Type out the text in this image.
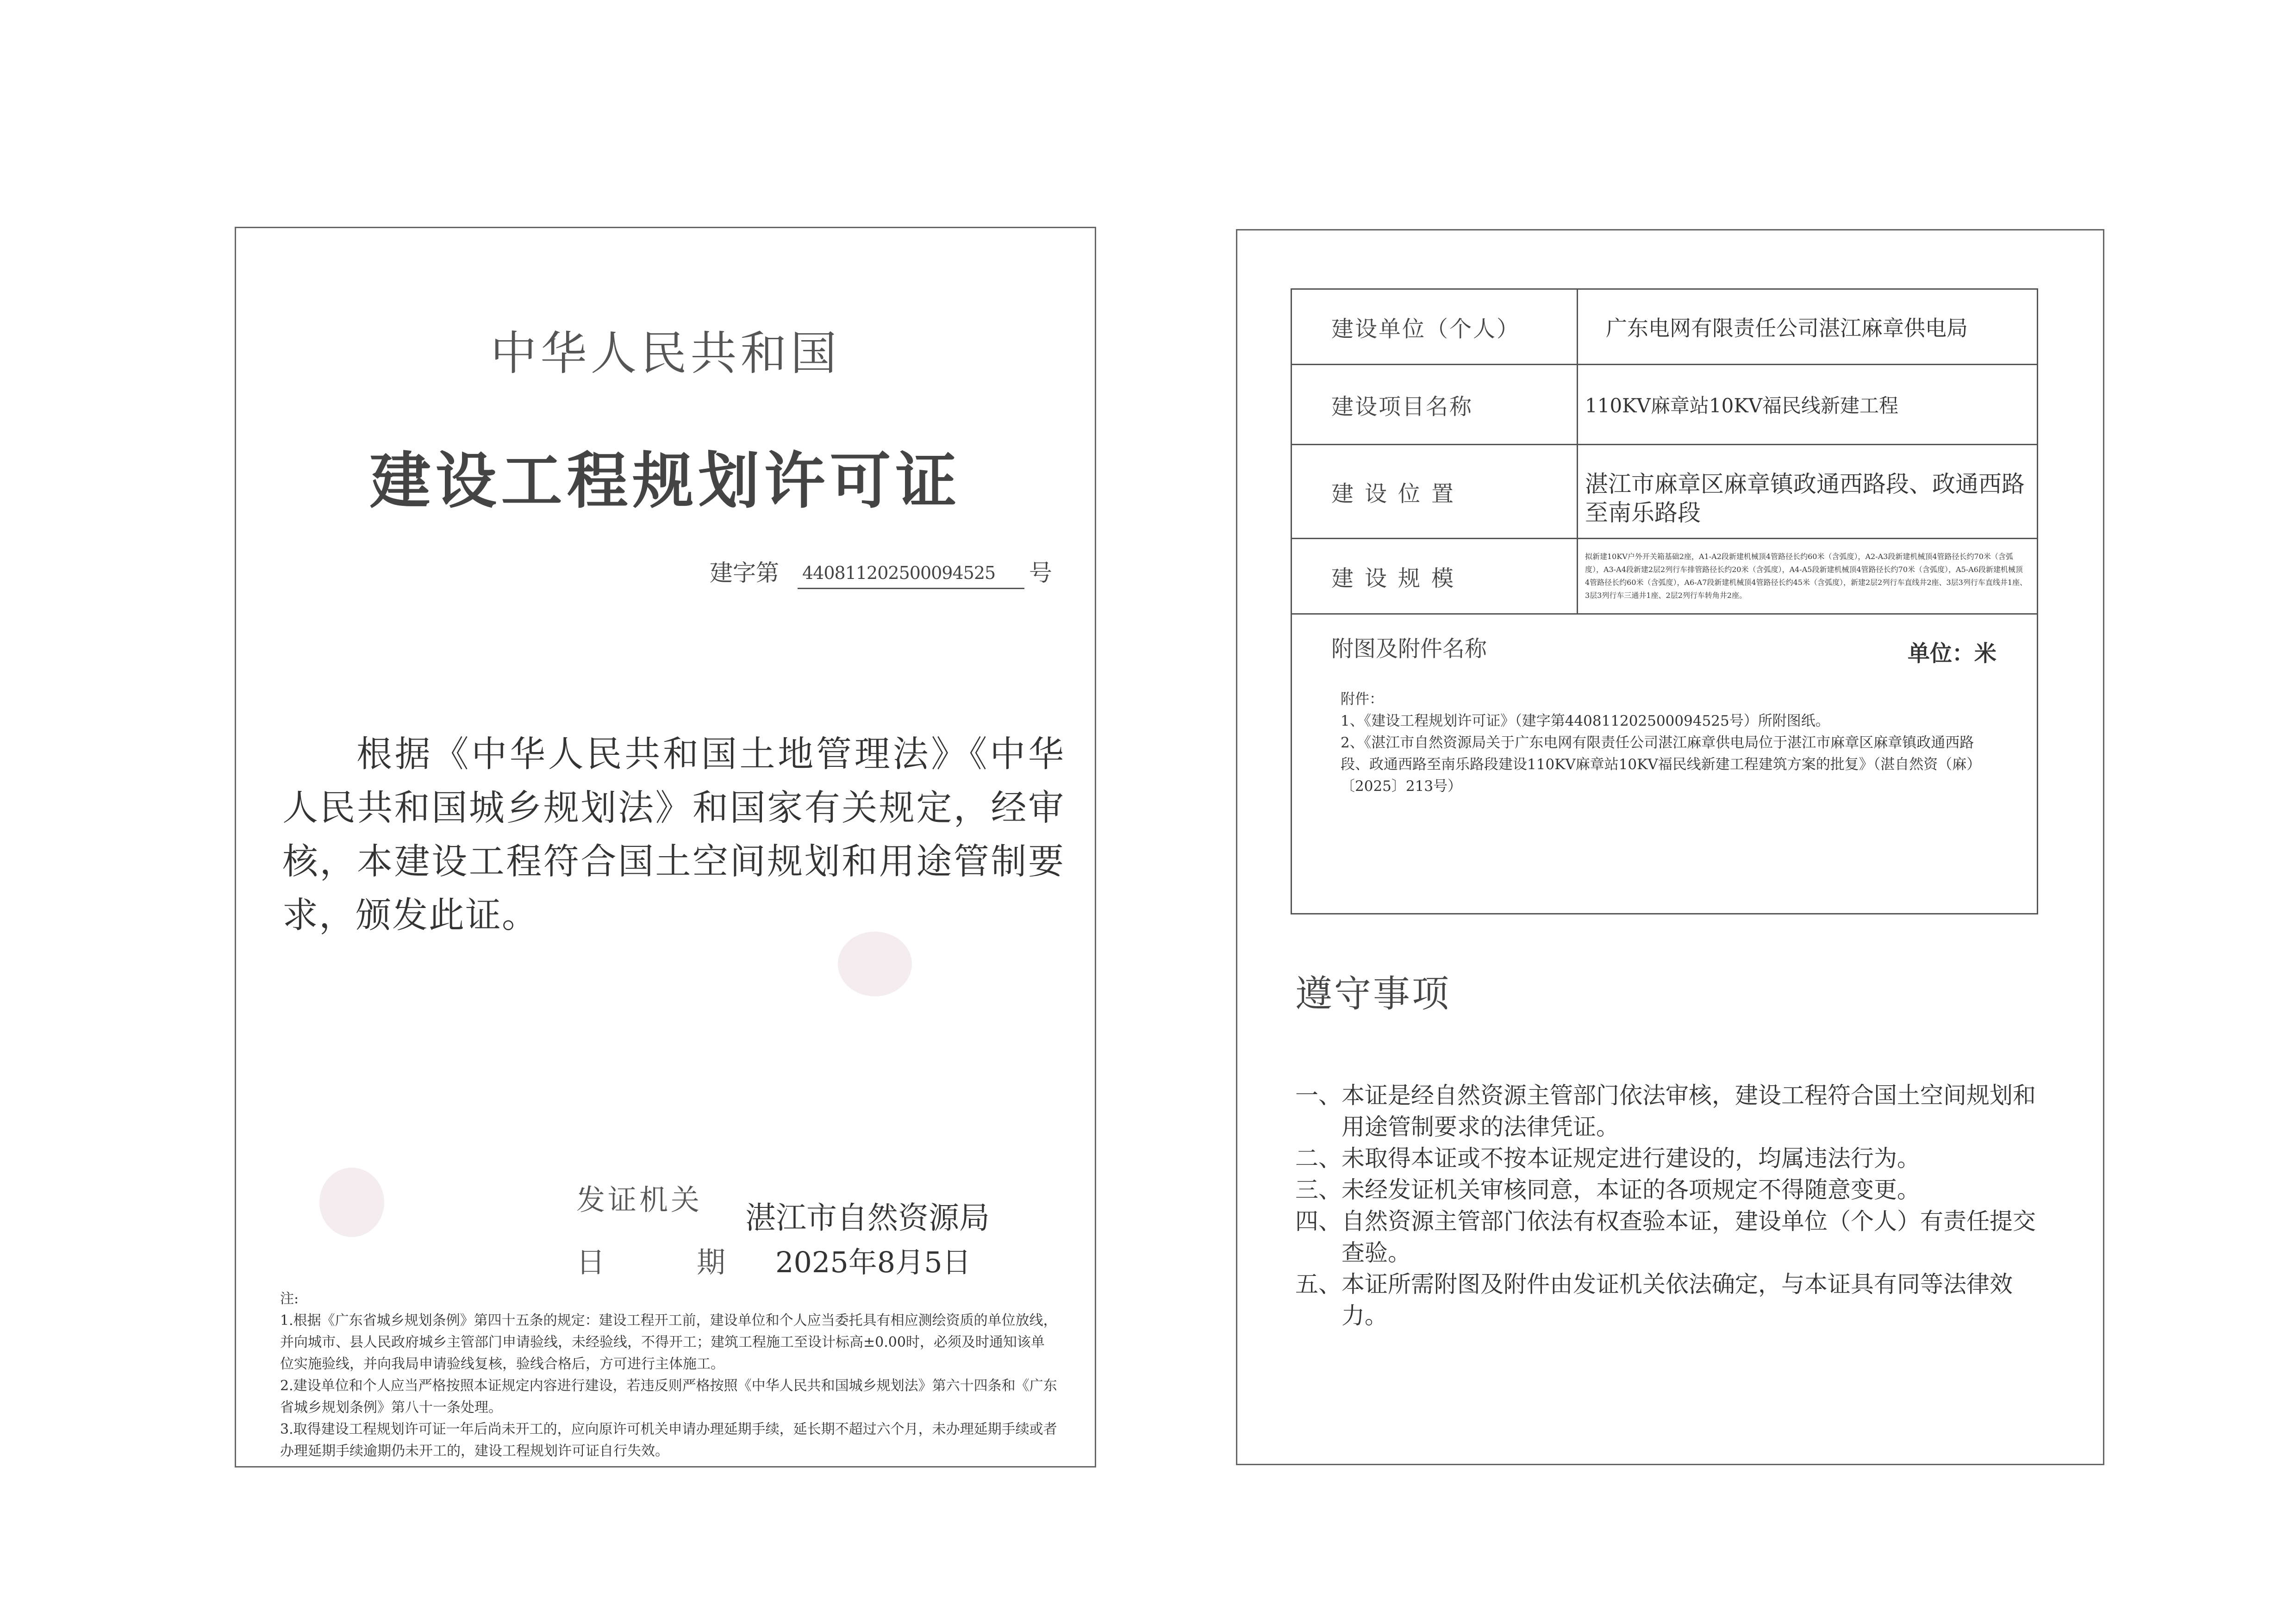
中华人民共和国
建设工程规划许可证
建字第 440811202500094525 号
根据《中华人民共和国土地管理法》《中华人民共和国城乡规划法》和国家有关规定，经审核，本建设工程符合国土空间规划和用途管制要求，颁发此证。
发证机关
湛江市自然资源局
日	期	2025年8月5日
注:
1.根据《广东省城乡规划条例》第四十五条的规定：建设工程开工前，建设单位和个人应当委托具有相应测绘资质的单位放线，并向城市、县人民政府城乡主管部门申请验线，未经验线，不得开工；建筑工程施工至设计标高±0.00时，必须及时通知该单位实施验线，并向我局申请验线复核，验线合格后，方可进行主体施工。
2.建设单位和个人应当严格按照本证规定内容进行建设，若违反则严格按照《中华人民共和国城乡规划法》第六十四条和《广东省城乡规划条例》第八十一条处理。
3.取得建设工程规划许可证一年后尚未开工的，应向原许可机关申请办理延期手续，延长期不超过六个月，未办理延期手续或者办理延期手续逾期仍未开工的，建设工程规划许可证自行失效。
建设单位（个人）	广东电网有限责任公司湛江麻章供电局
建设项目名称	110KV麻章站10KV福民线新建工程
建设位置	湛江市麻章区麻章镇政通西路段、政通西路至南乐路段
建设规模	拟新建10KV户外开关箱基础2座，A1-A2段新建机械顶4管路径长约60米（含弧度），A2-A3段新建机械顶4管路径长约70米（含弧度），A3-A4段新建2层2列行车排管路径长约20米（含弧度），A4-A5段新建机械顶4管路径长约70米（含弧度），A5-A6段新建机械顶4管路径长约60米（含弧度），A6-A7段新建机械顶4管路径长约45米（含弧度），新建2层2列行车直线井2座、3层3列行车直线井1座、3层3列行车三通井1座、2层2列行车转角井2座。

附图及附件名称 单位：米
附件：
1、《建设工程规划许可证》（建字第440811202500094525号）所附图纸。
2、《湛江市自然资源局关于广东电网有限责任公司湛江麻章供电局位于湛江市麻章区麻章镇政通西路段、政通西路至南乐路段建设110KV麻章站10KV福民线新建工程建筑方案的批复》（湛自然资（麻）〔2025〕213号）	
遵守事项
一、本证是经自然资源主管部门依法审核，建设工程符合国土空间规划和用途管制要求的法律凭证。
二、未取得本证或不按本证规定进行建设的，均属违法行为。
三、未经发证机关审核同意，本证的各项规定不得随意变更。
四、自然资源主管部门依法有权查验本证，建设单位（个人）有责任提交查验。
五、本证所需附图及附件由发证机关依法确定，与本证具有同等法律效力。
